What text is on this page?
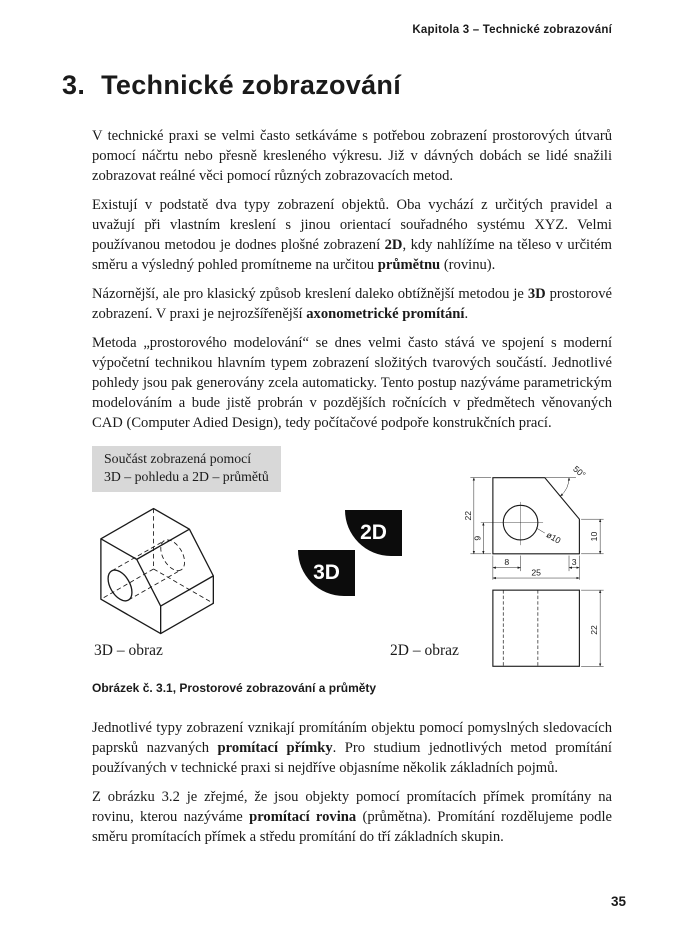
Kapitola 3 – Technické zobrazování
3. Technické zobrazování

V technické praxi se velmi často setkáváme s potřebou zobrazení prostorových útvarů pomocí náčrtu nebo přesně kresleného výkresu. Již v dávných dobách se lidé snažili zobrazovat reálné věci pomocí různých zobrazovacích metod.

Existují v podstatě dva typy zobrazení objektů. Oba vychází z určitých pravidel a uvažují při vlastním kreslení s jinou orientací souřadného systému XYZ. Velmi používanou metodou je dodnes plošné zobrazení 2D, kdy nahlížíme na těleso v určitém směru a výsledný pohled promítneme na určitou průmětnu (rovinu).

Názornější, ale pro klasický způsob kreslení daleko obtížnější metodou je 3D prostorové zobrazení. V praxi je nejrozšířenější axonometrické promítání.

Metoda „prostorového modelování“ se dnes velmi často stává ve spojení s moderní výpočetní technikou hlavním typem zobrazení složitých tvarových součástí. Jednotlivé pohledy jsou pak generovány zcela automaticky. Tento postup nazýváme parametrickým modelováním a bude jistě probrán v pozdějších ročnících v předmětech věnovaných CAD (Computer Adied Design), tedy počítačové podpoře konstrukčních prací.

Součást zobrazená pomocí
3D – pohledu a 2D – průmětů
2D
3D
22
9	10
8	3
25
50°
ø10
22
3D – obraz	2D – obraz
Obrázek č. 3.1, Prostorové zobrazování a průměty

Jednotlivé typy zobrazení vznikají promítáním objektu pomocí pomyslných sledovacích paprsků nazvaných promítací přímky. Pro studium jednotlivých metod promítání používaných v technické praxi si nejdříve objasníme několik základních pojmů.

Z obrázku 3.2 je zřejmé, že jsou objekty pomocí promítacích přímek promítány na rovinu, kterou nazýváme promítací rovina (průmětna). Promítání rozdělujeme podle směru promítacích přímek a středu promítání do tří základních skupin.

35
